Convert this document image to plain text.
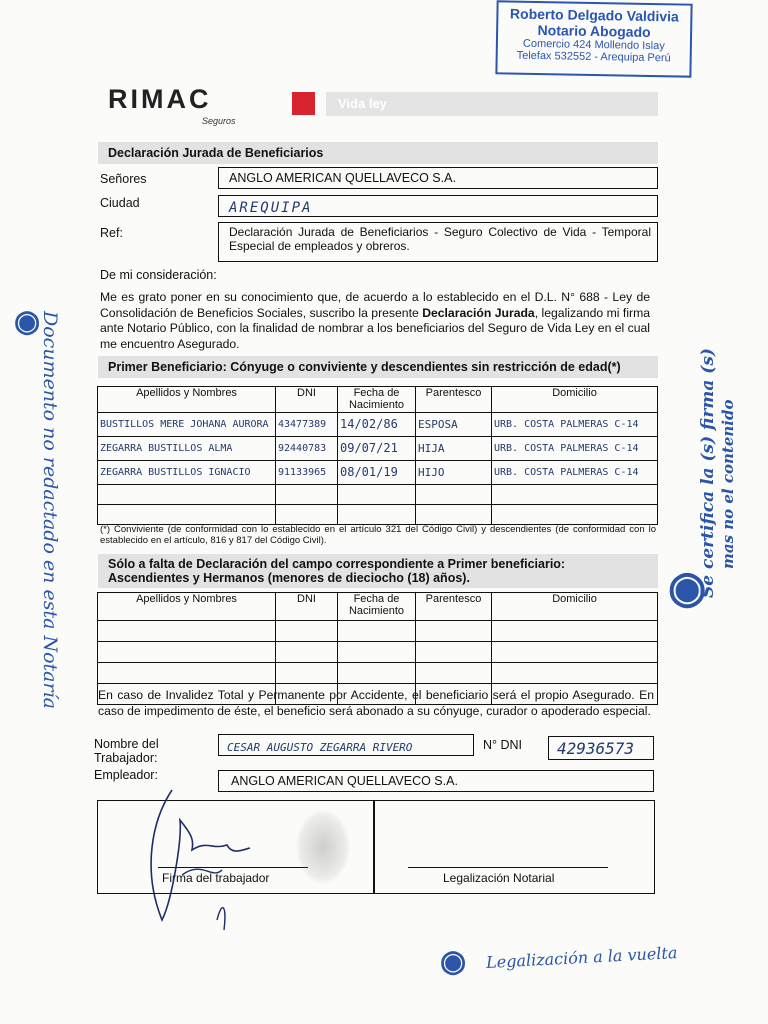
Roberto Delgado Valdivia
Notario Abogado
Comercio 424 Mollendo Islay
Telefax 532552 - Arequipa Perú
RIMAC
Seguros
Vida ley
Declaración Jurada de Beneficiarios
Señores	ANGLO AMERICAN QUELLAVECO S.A.
Ciudad	AREQUIPA
Ref:	Declaración Jurada de Beneficiarios - Seguro Colectivo de Vida - Temporal Especial de empleados y obreros.
De mi consideración:
Me es grato poner en su conocimiento que, de acuerdo a lo establecido en el D.L. N° 688 - Ley de Consolidación de Beneficios Sociales, suscribo la presente Declaración Jurada, legalizando mi firma ante Notario Público, con la finalidad de nombrar a los beneficiarios del Seguro de Vida Ley en el cual me encuentro Asegurado.
Primer Beneficiario: Cónyuge o conviviente y descendientes sin restricción de edad(*)
Apellidos y Nombres	DNI	Fecha de Nacimiento	Parentesco	Domicilio
BUSTILLOS MERE JOHANA AURORA	43477389	14/02/86	ESPOSA	URB. COSTA PALMERAS C-14
ZEGARRA BUSTILLOS ALMA	92440783	09/07/21	HIJA	URB. COSTA PALMERAS C-14
ZEGARRA BUSTILLOS IGNACIO	91133965	08/01/19	HIJO	URB. COSTA PALMERAS C-14

(*) Conviviente (de conformidad con lo establecido en el artículo 321 del Código Civil) y descendientes (de conformidad con lo establecido en el artículo, 816 y 817 del Código Civil).
Sólo a falta de Declaración del campo correspondiente a Primer beneficiario:
Ascendientes y Hermanos (menores de dieciocho (18) años).
Apellidos y Nombres	DNI	Fecha de Nacimiento	Parentesco	Domicilio

En caso de Invalidez Total y Permanente por Accidente, el beneficiario será el propio Asegurado. En caso de impedimento de éste, el beneficio será abonado a su cónyuge, curador o apoderado especial.
Nombre del Trabajador:
CESAR AUGUSTO ZEGARRA RIVERO	N° DNI	42936573
Empleador:	ANGLO AMERICAN QUELLAVECO S.A.
Firma del trabajador	Legalización Notarial
◉
Documento no redactado en esta Notaría	Se certifica la (s) firma (s) mas no el contenido
◉
◉ Legalización a la vuelta
